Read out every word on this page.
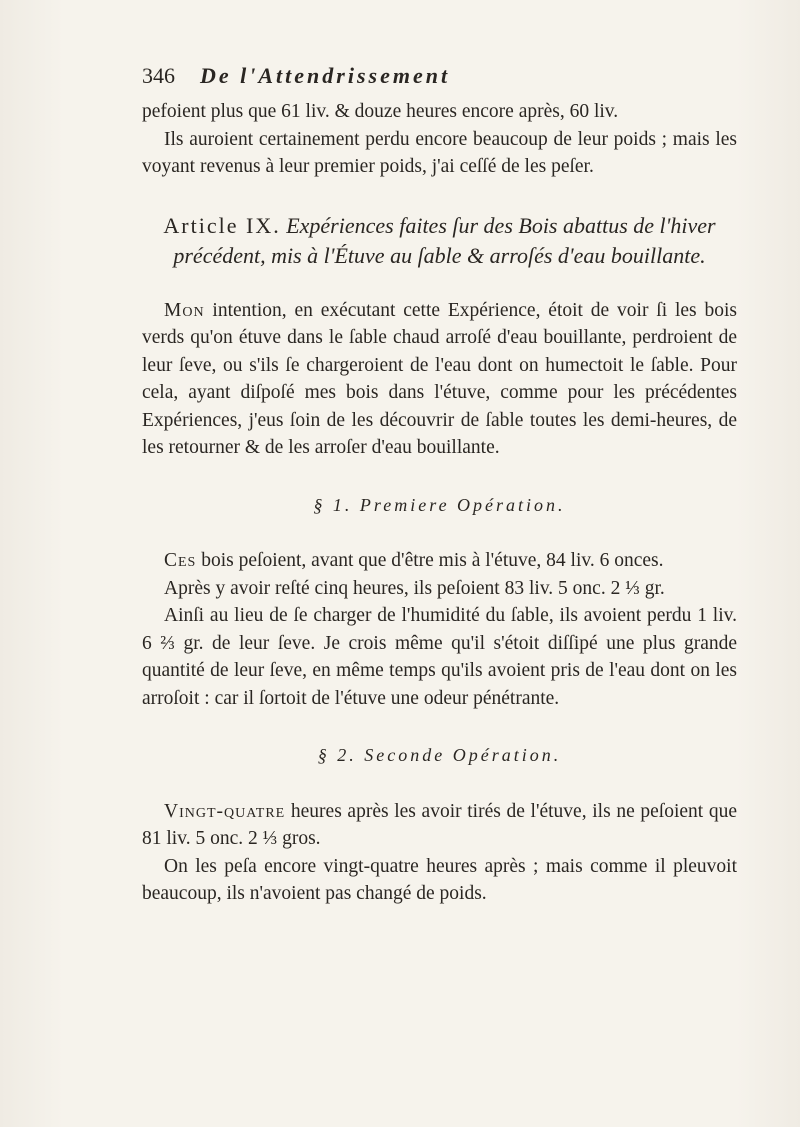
346	De l'Attendrissement

pefoient plus que 61 liv. & douze heures encore après, 60 liv.

Ils auroient certainement perdu encore beaucoup de leur poids ; mais les voyant revenus à leur premier poids, j'ai ceſſé de les peſer.

Article IX. Expériences faites ſur des Bois abattus de l'hiver précédent, mis à l'Étuve au ſable & arroſés d'eau bouillante.

Mon intention, en exécutant cette Expérience, étoit de voir ſi les bois verds qu'on étuve dans le ſable chaud arroſé d'eau bouillante, perdroient de leur ſeve, ou s'ils ſe chargeroient de l'eau dont on humectoit le ſable. Pour cela, ayant diſpoſé mes bois dans l'étuve, comme pour les précédentes Expériences, j'eus ſoin de les découvrir de ſable toutes les demi-heures, de les retourner & de les arroſer d'eau bouillante.

§ 1. Premiere Opération.

Ces bois peſoient, avant que d'être mis à l'étuve, 84 liv. 6 onces.

Après y avoir reſté cinq heures, ils peſoient 83 liv. 5 onc. 2 ⅓ gr.

Ainſi au lieu de ſe charger de l'humidité du ſable, ils avoient perdu 1 liv. 6 ⅔ gr. de leur ſeve. Je crois même qu'il s'étoit diſſipé une plus grande quantité de leur ſeve, en même temps qu'ils avoient pris de l'eau dont on les arroſoit : car il ſortoit de l'étuve une odeur pénétrante.

§ 2. Seconde Opération.

Vingt-quatre heures après les avoir tirés de l'étuve, ils ne peſoient que 81 liv. 5 onc. 2 ⅓ gros.

On les peſa encore vingt-quatre heures après ; mais comme il pleuvoit beaucoup, ils n'avoient pas changé de poids.
